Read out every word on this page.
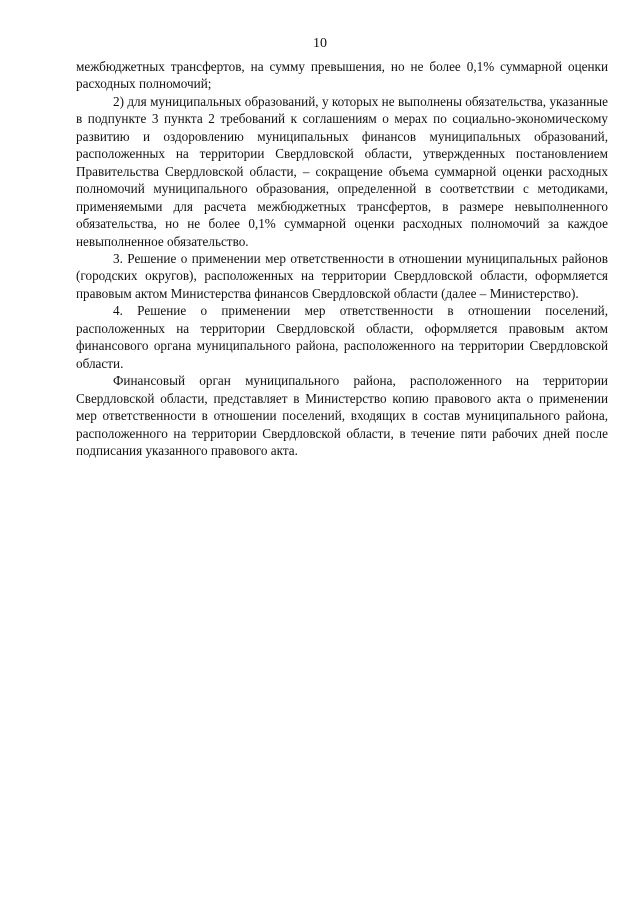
10

межбюджетных трансфертов, на сумму превышения, но не более 0,1% суммарной оценки расходных полномочий;

2) для муниципальных образований, у которых не выполнены обязательства, указанные в подпункте 3 пункта 2 требований к соглашениям о мерах по социально-экономическому развитию и оздоровлению муниципальных финансов муниципальных образований, расположенных на территории Свердловской области, утвержденных постановлением Правительства Свердловской области, – сокращение объема суммарной оценки расходных полномочий муниципального образования, определенной в соответствии с методиками, применяемыми для расчета межбюджетных трансфертов, в размере невыполненного обязательства, но не более 0,1% суммарной оценки расходных полномочий за каждое невыполненное обязательство.

3. Решение о применении мер ответственности в отношении муниципальных районов (городских округов), расположенных на территории Свердловской области, оформляется правовым актом Министерства финансов Свердловской области (далее – Министерство).

4. Решение о применении мер ответственности в отношении поселений, расположенных на территории Свердловской области, оформляется правовым актом финансового органа муниципального района, расположенного на территории Свердловской области.

Финансовый орган муниципального района, расположенного на территории Свердловской области, представляет в Министерство копию правового акта о применении мер ответственности в отношении поселений, входящих в состав муниципального района, расположенного на территории Свердловской области, в течение пяти рабочих дней после подписания указанного правового акта.
